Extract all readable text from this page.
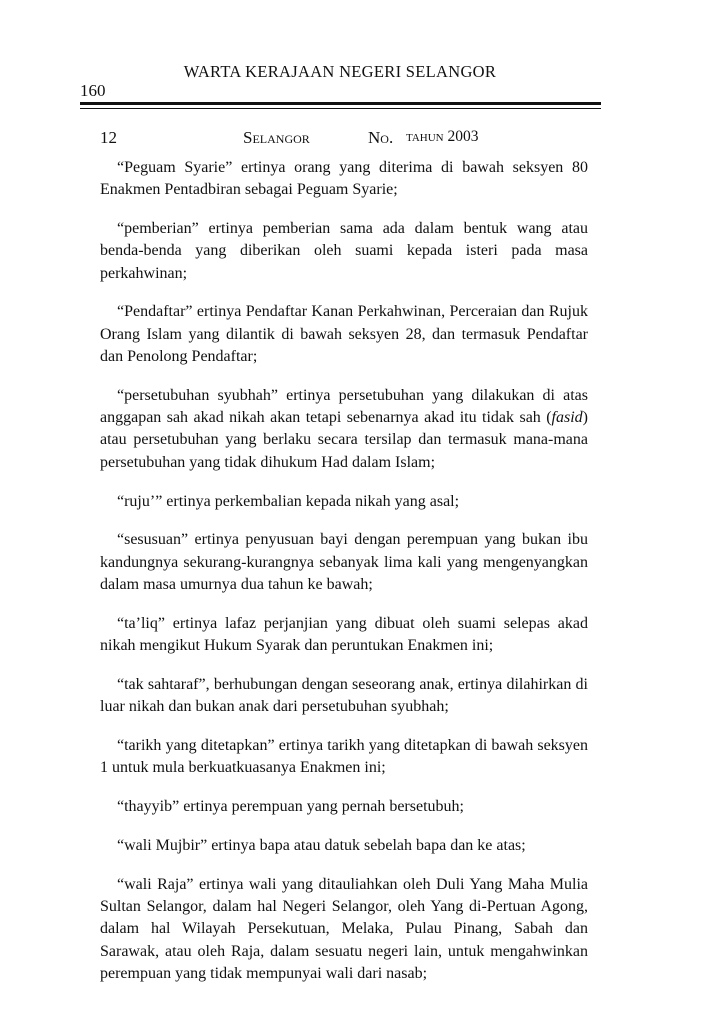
WARTA KERAJAAN NEGERI SELANGOR
160
12	Selangor	No. tahun 2003

“Peguam Syarie” ertinya orang yang diterima di bawah seksyen 80 Enakmen Pentadbiran sebagai Peguam Syarie;

“pemberian” ertinya pemberian sama ada dalam bentuk wang atau benda-benda yang diberikan oleh suami kepada isteri pada masa perkahwinan;

“Pendaftar” ertinya Pendaftar Kanan Perkahwinan, Perceraian dan Rujuk Orang Islam yang dilantik di bawah seksyen 28, dan termasuk Pendaftar dan Penolong Pendaftar;

“persetubuhan syubhah” ertinya persetubuhan yang dilakukan di atas anggapan sah akad nikah akan tetapi sebenarnya akad itu tidak sah (fasid) atau persetubuhan yang berlaku secara tersilap dan termasuk mana-mana persetubuhan yang tidak dihukum Had dalam Islam;

“ruju’” ertinya perkembalian kepada nikah yang asal;

“sesusuan” ertinya penyusuan bayi dengan perempuan yang bukan ibu kandungnya sekurang-kurangnya sebanyak lima kali yang mengenyangkan dalam masa umurnya dua tahun ke bawah;

“ta’liq” ertinya lafaz perjanjian yang dibuat oleh suami selepas akad nikah mengikut Hukum Syarak dan peruntukan Enakmen ini;

“tak sahtaraf”, berhubungan dengan seseorang anak, ertinya dilahirkan di luar nikah dan bukan anak dari persetubuhan syubhah;

“tarikh yang ditetapkan” ertinya tarikh yang ditetapkan di bawah seksyen 1 untuk mula berkuatkuasanya Enakmen ini;

“thayyib” ertinya perempuan yang pernah bersetubuh;

“wali Mujbir” ertinya bapa atau datuk sebelah bapa dan ke atas;

“wali Raja” ertinya wali yang ditauliahkan oleh Duli Yang Maha Mulia Sultan Selangor, dalam hal Negeri Selangor, oleh Yang di-Pertuan Agong, dalam hal Wilayah Persekutuan, Melaka, Pulau Pinang, Sabah dan Sarawak, atau oleh Raja, dalam sesuatu negeri lain, untuk mengahwinkan perempuan yang tidak mempunyai wali dari nasab;
